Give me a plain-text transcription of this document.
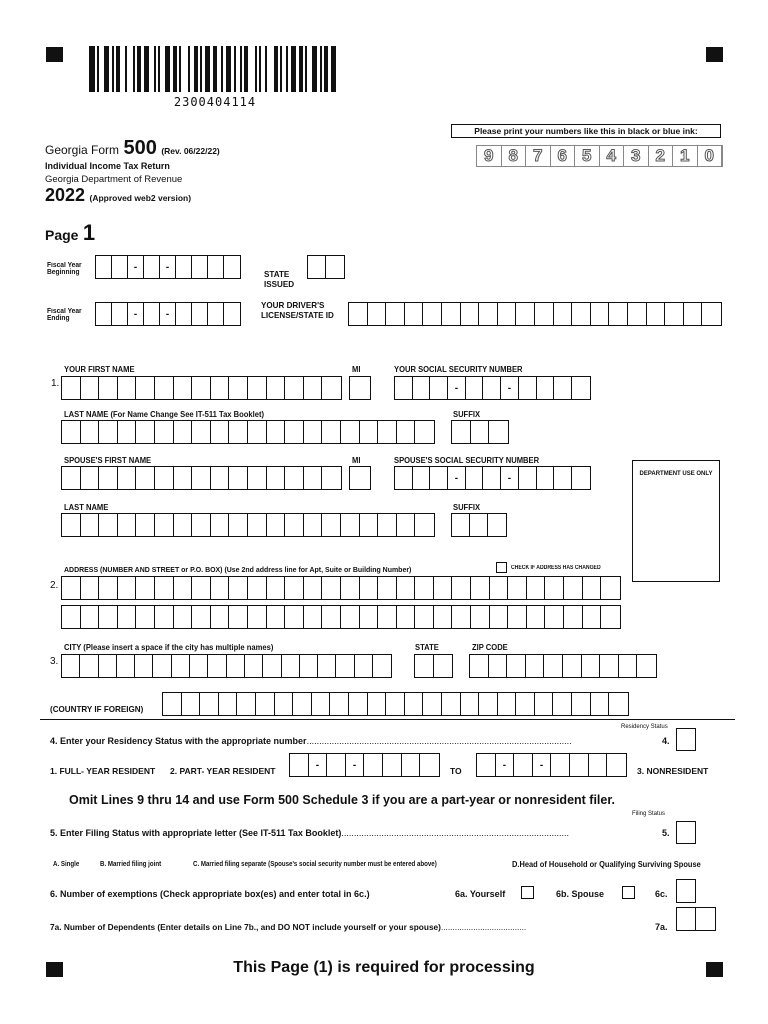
2300404114
Please print your numbers like this in black or blue ink:
9 8 7 6 5 4 3 2 1 0
Georgia Form 500 (Rev. 06/22/22)
Individual Income Tax Return
Georgia Department of Revenue
2022 (Approved web2 version)
Page 1
Fiscal Year
Beginning	-	-
STATE
ISSUED
Fiscal Year
Ending	-	-
YOUR DRIVER'S
LICENSE/STATE ID
YOUR FIRST NAME	MI	YOUR SOCIAL SECURITY NUMBER
1.	-	-
LAST NAME (For Name Change See IT-511 Tax Booklet)	SUFFIX
SPOUSE'S FIRST NAME	MI	SPOUSE'S SOCIAL SECURITY NUMBER
-	-	DEPARTMENT USE ONLY
LAST NAME	SUFFIX
ADDRESS (NUMBER AND STREET or P.O. BOX) (Use 2nd address line for Apt, Suite or Building Number)	CHECK IF ADDRESS HAS CHANGED
2.
CITY (Please insert a space if the city has multiple names)	STATE	ZIP CODE
3.
(COUNTRY IF FOREIGN)
Residency Status
4. Enter your Residency Status with the appropriate number..........................................................................................................	4.
1. FULL- YEAR RESIDENT 2. PART- YEAR RESIDENT
-	-
TO
-	-
3. NONRESIDENT
Omit Lines 9 thru 14 and use Form 500 Schedule 3 if you are a part-year or nonresident filer.
Filing Status
5. Enter Filing Status with appropriate letter (See IT-511 Tax Booklet)...........................................................................................	5.
A. Single	B. Married filing joint	C. Married filing separate (Spouse's social security number must be entered above)	D.Head of Household or Qualifying Surviving Spouse
6. Number of exemptions (Check appropriate box(es) and enter total in 6c.)	6a. Yourself	6b. Spouse	6c.
7a. Number of Dependents (Enter details on Line 7b., and DO NOT include yourself or your spouse).....................................	7a.
This Page (1) is required for processing
